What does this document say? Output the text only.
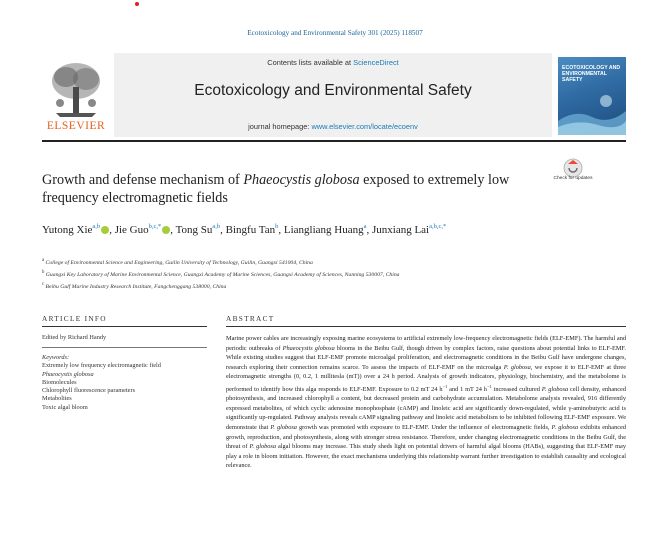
Ecotoxicology and Environmental Safety 301 (2025) 118507
ELSEVIER
Contents lists available at ScienceDirect
Ecotoxicology and Environmental Safety
journal homepage: www.elsevier.com/locate/ecoenv
ECOTOXICOLOGY AND ENVIRONMENTAL SAFETY
Growth and defense mechanism of Phaeocystis globosa exposed to extremely low frequency electromagnetic fields
Check for updates
Yutong Xie$^{a,b}$ , Jie Guo$^{b,c,*}$ , Tong Su$^{a,b}$, Bingfu Tan$^b$, Liangliang Huang$^a$, Junxiang Lai$^{a,b,c,*}$
$^a$ College of Environmental Science and Engineering, Guilin University of Technology, Guilin, Guangxi 541004, China
$^b$ Guangxi Key Laboratory of Marine Environmental Science, Guangxi Academy of Marine Sciences, Guangxi Academy of Sciences, Nanning 530007, China
$^c$ Beibu Gulf Marine Industry Research Institute, Fangchenggang 538000, China
ARTICLE INFO	ABSTRACT
Edited by Richard Handy
Keywords:
Extremely low frequency electromagnetic field
Phaeocystis globosa
Biomolecules
Chlorophyll fluorescence parameters
Metabolites
Toxic algal bloom
Marine power cables are increasingly exposing marine ecosystems to artificial extremely low-frequency electromagnetic fields (ELF-EMF). The harmful and periodic outbreaks of Phaeocystis globosa blooms in the Beibu Gulf, though driven by complex factors, raise questions about potential links to ELF-EMF. While existing studies suggest that ELF-EMF promote microalgal proliferation, and electromagnetic conditions in the Beibu Gulf have undergone changes, research exploring their connection remains scarce. To assess the impacts of ELF-EMF on the microalga P. globosa, we expose it to ELF-EMF at three electromagnetic strengths (0, 0.2, 1 millitesla (mT)) over a 24 h period. Analysis of growth indicators, physiology, biochemistry, and the metabolome is performed to identify how this alga responds to ELF-EMF. Exposure to 0.2 mT 24 $h^{-1}$ and 1 mT 24 $h^{-1}$ increased cultured P. globosa cell density, enhanced photosynthesis, and increased chlorophyll a content, but decreased protein and carbohydrate accumulation. Metabolome analysis revealed, 916 differently expressed metabolites, of which cyclic adenosine monophosphate (cAMP) and linoleic acid are significantly down-regulated, while γ-aminobutyric acid is significantly up-regulated. Pathway analysis reveals cAMP signaling pathway and linoleic acid metabolism to be inhibited following ELF-EMF exposure. We demonstrate that P. globosa growth was promoted with exposure to ELF-EMF. Under the influence of electromagnetic fields, P. globosa exhibits enhanced growth, reproduction, and photosynthesis, along with stronger stress resistance. Therefore, under changing electromagnetic conditions in the Beibu Gulf, the threat of P. globosa algal blooms may increase. This study sheds light on potential drivers of harmful algal blooms (HABs), suggesting that ELF-EMF may play a role in bloom initiation. However, the exact mechanisms underlying this relationship warrant further investigation to establish causality and ecological relevance.
